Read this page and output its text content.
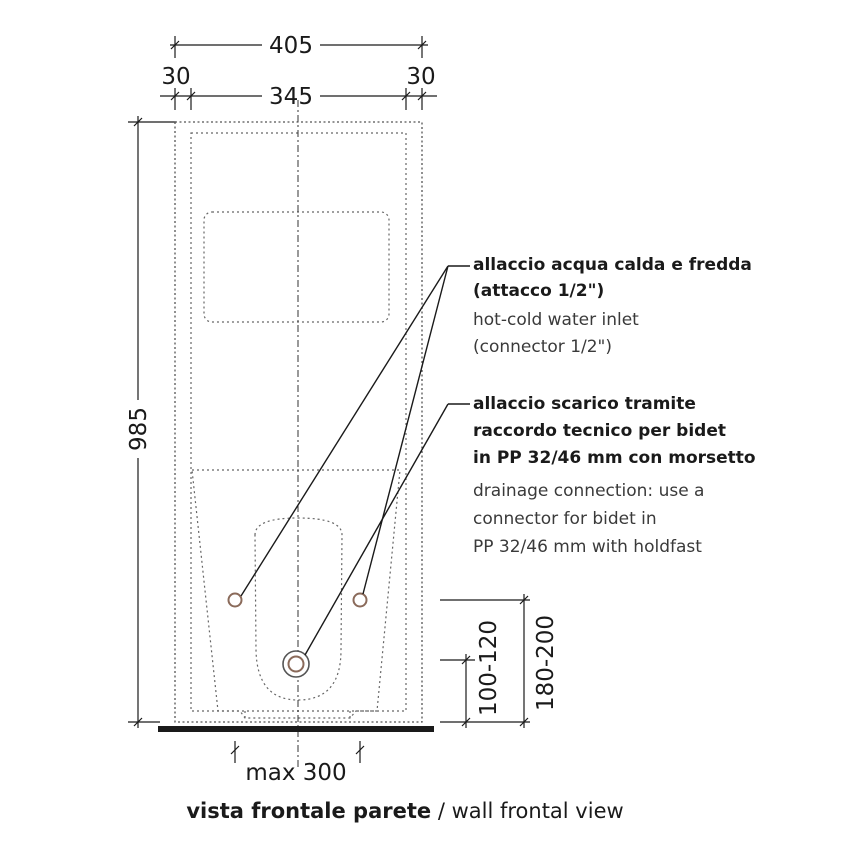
405
30
345
30
985
allaccio acqua calda e fredda
(attacco 1/2")
hot-cold water inlet
(connector 1/2")
allaccio scarico tramite
raccordo tecnico per bidet
in PP 32/46 mm con morsetto
drainage connection: use a
connector for bidet in
PP 32/46 mm with holdfast
100-120 180-200
max 300
vista frontale parete / wall frontal view
